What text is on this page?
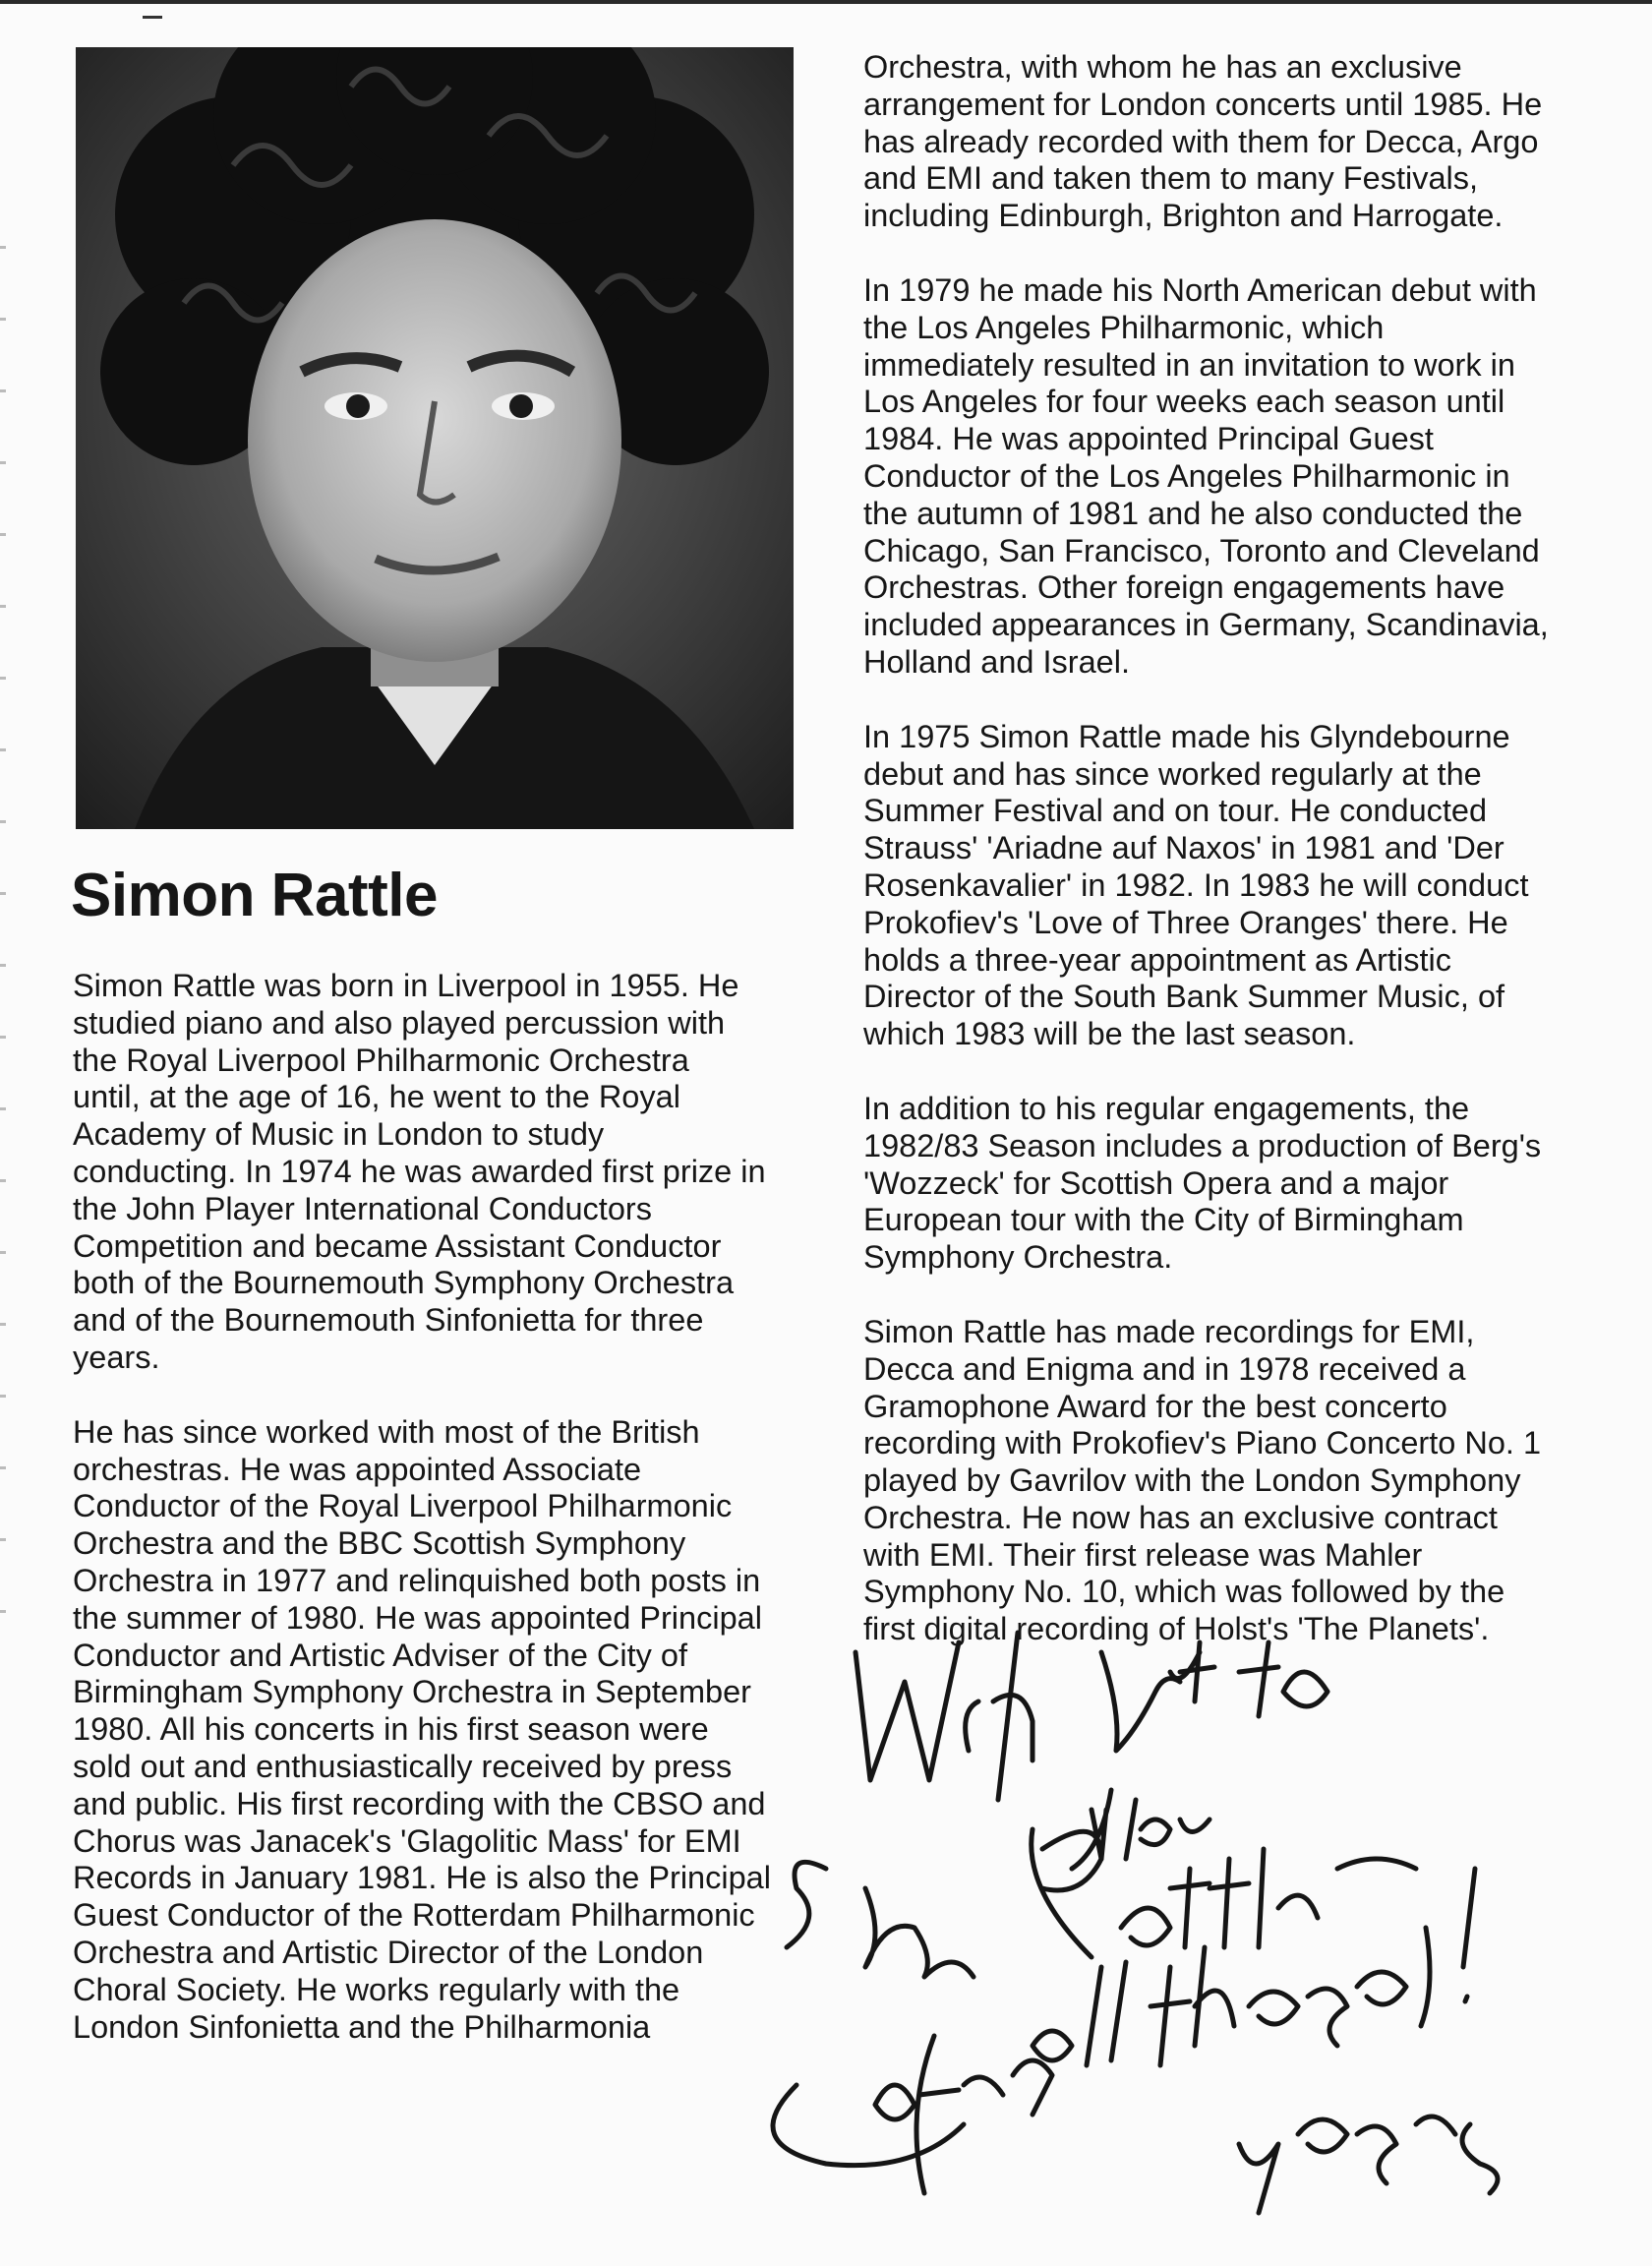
Simon Rattle

Simon Rattle was born in Liverpool in 1955. He
studied piano and also played percussion with
the Royal Liverpool Philharmonic Orchestra
until, at the age of 16, he went to the Royal
Academy of Music in London to study
conducting. In 1974 he was awarded first prize in
the John Player International Conductors
Competition and became Assistant Conductor
both of the Bournemouth Symphony Orchestra
and of the Bournemouth Sinfonietta for three
years.

He has since worked with most of the British
orchestras. He was appointed Associate
Conductor of the Royal Liverpool Philharmonic
Orchestra and the BBC Scottish Symphony
Orchestra in 1977 and relinquished both posts in
the summer of 1980. He was appointed Principal
Conductor and Artistic Adviser of the City of
Birmingham Symphony Orchestra in September
1980. All his concerts in his first season were
sold out and enthusiastically received by press
and public. His first recording with the CBSO and
Chorus was Janacek's 'Glagolitic Mass' for EMI
Records in January 1981. He is also the Principal
Guest Conductor of the Rotterdam Philharmonic
Orchestra and Artistic Director of the London
Choral Society. He works regularly with the
London Sinfonietta and the Philharmonia

Orchestra, with whom he has an exclusive
arrangement for London concerts until 1985. He
has already recorded with them for Decca, Argo
and EMI and taken them to many Festivals,
including Edinburgh, Brighton and Harrogate.

In 1979 he made his North American debut with
the Los Angeles Philharmonic, which
immediately resulted in an invitation to work in
Los Angeles for four weeks each season until
1984. He was appointed Principal Guest
Conductor of the Los Angeles Philharmonic in
the autumn of 1981 and he also conducted the
Chicago, San Francisco, Toronto and Cleveland
Orchestras. Other foreign engagements have
included appearances in Germany, Scandinavia,
Holland and Israel.

In 1975 Simon Rattle made his Glyndebourne
debut and has since worked regularly at the
Summer Festival and on tour. He conducted
Strauss' 'Ariadne auf Naxos' in 1981 and 'Der
Rosenkavalier' in 1982. In 1983 he will conduct
Prokofiev's 'Love of Three Oranges' there. He
holds a three-year appointment as Artistic
Director of the South Bank Summer Music, of
which 1983 will be the last season.

In addition to his regular engagements, the
1982/83 Season includes a production of Berg's
'Wozzeck' for Scottish Opera and a major
European tour with the City of Birmingham
Symphony Orchestra.

Simon Rattle has made recordings for EMI,
Decca and Enigma and in 1978 received a
Gramophone Award for the best concerto
recording with Prokofiev's Piano Concerto No. 1
played by Gavrilov with the London Symphony
Orchestra. He now has an exclusive contract
with EMI. Their first release was Mahler
Symphony No. 10, which was followed by the
first digital recording of Holst's 'The Planets'.
